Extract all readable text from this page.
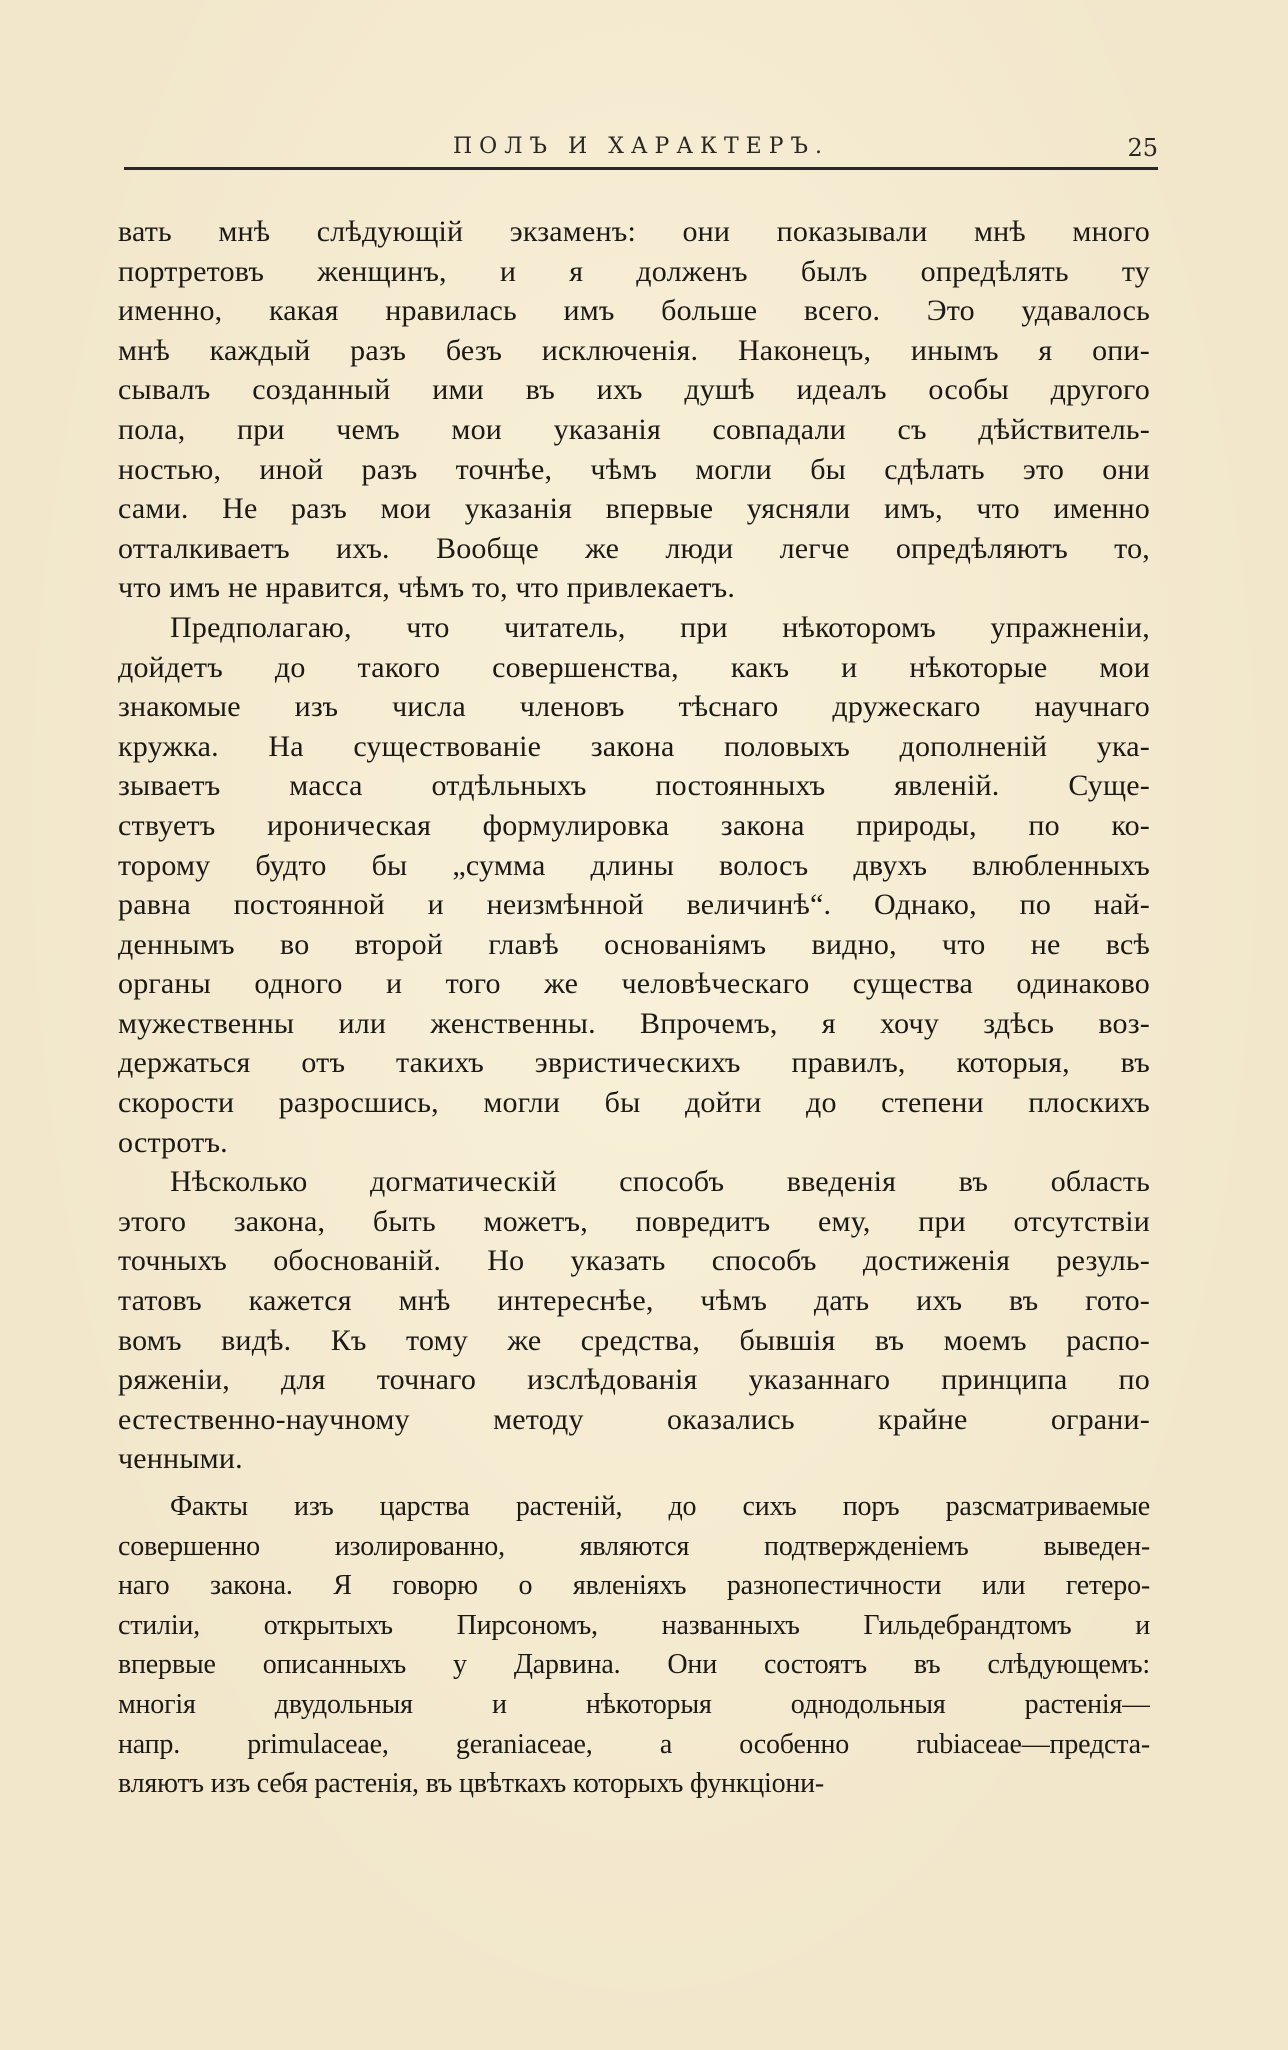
ПОЛЪ И ХАРАКТЕРЪ.	25
вать мнѣ слѣдующій экзаменъ: они показывали мнѣ много
портретовъ женщинъ, и я долженъ былъ опредѣлять ту
именно, какая нравилась имъ больше всего. Это удавалось
мнѣ каждый разъ безъ исключенія. Наконецъ, инымъ я опи-
сывалъ созданный ими въ ихъ душѣ идеалъ особы другого
пола, при чемъ мои указанія совпадали съ дѣйствитель-
ностью, иной разъ точнѣе, чѣмъ могли бы сдѣлать это они
сами. Не разъ мои указанія впервые уясняли имъ, что именно
отталкиваетъ ихъ. Вообще же люди легче опредѣляютъ то,
что имъ не нравится, чѣмъ то, что привлекаетъ.
Предполагаю, что читатель, при нѣкоторомъ упражненіи,
дойдетъ до такого совершенства, какъ и нѣкоторые мои
знакомые изъ числа членовъ тѣснаго дружескаго научнаго
кружка. На существованіе закона половыхъ дополненій ука-
зываетъ масса отдѣльныхъ постоянныхъ явленій. Суще-
ствуетъ ироническая формулировка закона природы, по ко-
торому будто бы „сумма длины волосъ двухъ влюбленныхъ
равна постоянной и неизмѣнной величинѣ“. Однако, по най-
деннымъ во второй главѣ основаніямъ видно, что не всѣ
органы одного и того же человѣческаго существа одинаково
мужественны или женственны. Впрочемъ, я хочу здѣсь воз-
держаться отъ такихъ эвристическихъ правилъ, которыя, въ
скорости разросшись, могли бы дойти до степени плоскихъ
остротъ.
Нѣсколько догматическій способъ введенія въ область
этого закона, быть можетъ, повредитъ ему, при отсутствіи
точныхъ обоснованій. Но указать способъ достиженія резуль-
татовъ кажется мнѣ интереснѣе, чѣмъ дать ихъ въ гото-
вомъ видѣ. Къ тому же средства, бывшія въ моемъ распо-
ряженіи, для точнаго изслѣдованія указаннаго принципа по
естественно-научному методу оказались крайне ограни-
ченными.
Факты изъ царства растеній, до сихъ поръ разсматриваемые
совершенно изолированно, являются подтвержденіемъ выведен-
наго закона. Я говорю о явленіяхъ разнопестичности или гетеро-
стиліи, открытыхъ Пирсономъ, названныхъ Гильдебрандтомъ и
впервые описанныхъ у Дарвина. Они состоятъ въ слѣдующемъ:
многія двудольныя и нѣкоторыя однодольныя растенія—
напр. primulaceae, geraniaceae, а особенно rubiaceae—предста-
вляютъ изъ себя растенія, въ цвѣткахъ которыхъ функціони-
